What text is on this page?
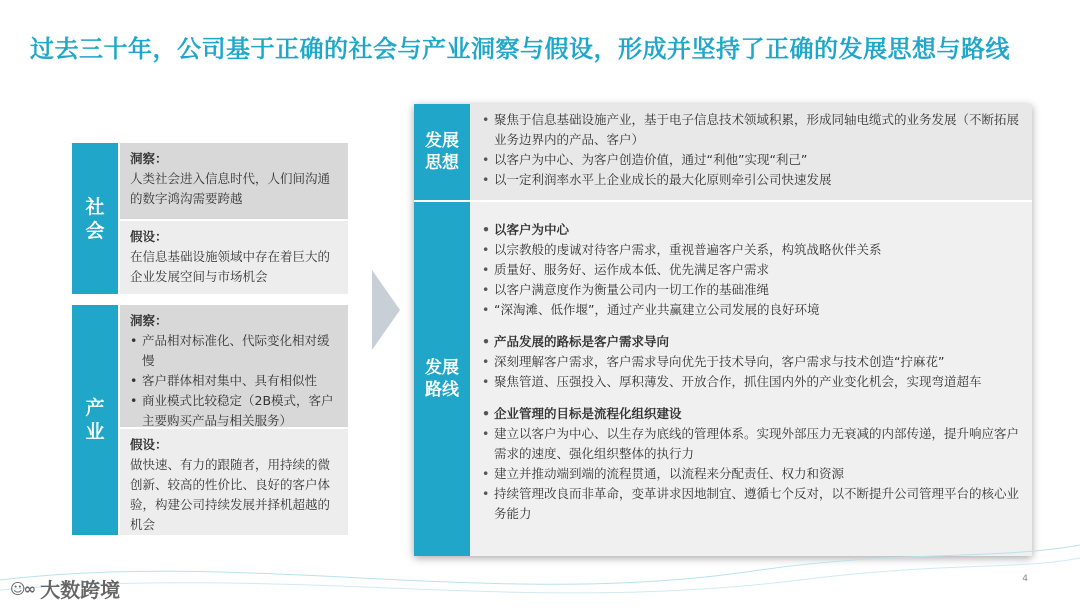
过去三十年，公司基于正确的社会与产业洞察与假设，形成并坚持了正确的发展思想与路线
社会
洞察：
人类社会进入信息时代，人们间沟通的数字鸿沟需要跨越
假设：
在信息基础设施领域中存在着巨大的企业发展空间与市场机会
产业
洞察：
• 产品相对标准化、代际变化相对缓慢
• 客户群体相对集中、具有相似性
• 商业模式比较稳定（2B模式，客户主要购买产品与相关服务）
假设：
做快速、有力的跟随者，用持续的微创新、较高的性价比、良好的客户体验，构建公司持续发展并择机超越的机会
发展思想
• 聚焦于信息基础设施产业，基于电子信息技术领域积累，形成同轴电缆式的业务发展（不断拓展业务边界内的产品、客户）
• 以客户为中心、为客户创造价值，通过“利他”实现“利己”
• 以一定利润率水平上企业成长的最大化原则牵引公司快速发展
发展路线
• 以客户为中心
• 以宗教般的虔诚对待客户需求，重视普遍客户关系，构筑战略伙伴关系
• 质量好、服务好、运作成本低、优先满足客户需求
• 以客户满意度作为衡量公司内一切工作的基础准绳
• “深淘滩、低作堰”，通过产业共赢建立公司发展的良好环境
• 产品发展的路标是客户需求导向
• 深刻理解客户需求，客户需求导向优先于技术导向，客户需求与技术创造“拧麻花”
• 聚焦管道、压强投入、厚积薄发、开放合作，抓住国内外的产业变化机会，实现弯道超车
• 企业管理的目标是流程化组织建设
• 建立以客户为中心、以生存为底线的管理体系。实现外部压力无衰减的内部传递，提升响应客户需求的速度、强化组织整体的执行力
• 建立并推动端到端的流程贯通，以流程来分配责任、权力和资源
• 持续管理改良而非革命，变革讲求因地制宜、遵循七个反对，以不断提升公司管理平台的核心业务能力
☺∞ 大数跨境	4
